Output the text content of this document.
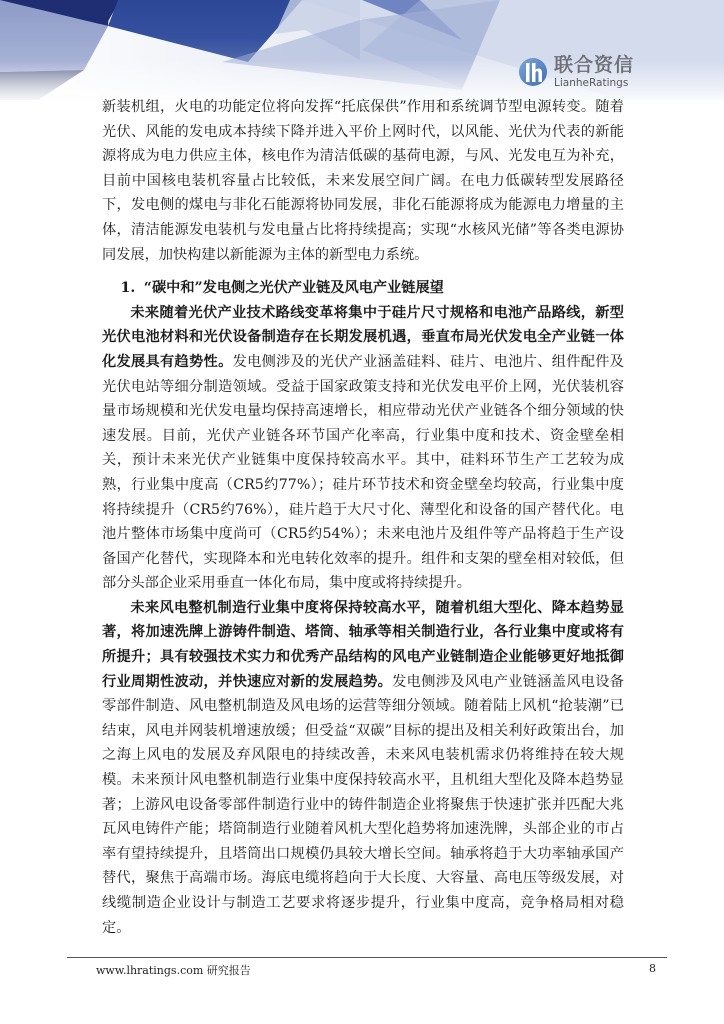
联合资信
LianheRatings

新装机组，火电的功能定位将向发挥“托底保供”作用和系统调节型电源转变。随着光伏、风能的发电成本持续下降并进入平价上网时代，以风能、光伏为代表的新能源将成为电力供应主体，核电作为清洁低碳的基荷电源，与风、光发电互为补充，目前中国核电装机容量占比较低，未来发展空间广阔。在电力低碳转型发展路径下，发电侧的煤电与非化石能源将协同发展，非化石能源将成为能源电力增量的主体，清洁能源发电装机与发电量占比将持续提高；实现“水核风光储”等各类电源协同发展，加快构建以新能源为主体的新型电力系统。

1. “碳中和”发电侧之光伏产业链及风电产业链展望

未来随着光伏产业技术路线变革将集中于硅片尺寸规格和电池产品路线，新型光伏电池材料和光伏设备制造存在长期发展机遇，垂直布局光伏发电全产业链一体化发展具有趋势性。发电侧涉及的光伏产业涵盖硅料、硅片、电池片、组件配件及光伏电站等细分制造领域。受益于国家政策支持和光伏发电平价上网，光伏装机容量市场规模和光伏发电量均保持高速增长，相应带动光伏产业链各个细分领域的快速发展。目前，光伏产业链各环节国产化率高，行业集中度和技术、资金壁垒相关，预计未来光伏产业链集中度保持较高水平。其中，硅料环节生产工艺较为成熟，行业集中度高（CR5约77%）；硅片环节技术和资金壁垒均较高，行业集中度将持续提升（CR5约76%），硅片趋于大尺寸化、薄型化和设备的国产替代化。电池片整体市场集中度尚可（CR5约54%）；未来电池片及组件等产品将趋于生产设备国产化替代，实现降本和光电转化效率的提升。组件和支架的壁垒相对较低，但部分头部企业采用垂直一体化布局，集中度或将持续提升。

未来风电整机制造行业集中度将保持较高水平，随着机组大型化、降本趋势显著，将加速洗牌上游铸件制造、塔筒、轴承等相关制造行业，各行业集中度或将有所提升；具有较强技术实力和优秀产品结构的风电产业链制造企业能够更好地抵御行业周期性波动，并快速应对新的发展趋势。发电侧涉及风电产业链涵盖风电设备零部件制造、风电整机制造及风电场的运营等细分领域。随着陆上风机“抢装潮”已结束，风电并网装机增速放缓；但受益“双碳”目标的提出及相关利好政策出台，加之海上风电的发展及弃风限电的持续改善，未来风电装机需求仍将维持在较大规模。未来预计风电整机制造行业集中度保持较高水平，且机组大型化及降本趋势显著；上游风电设备零部件制造行业中的铸件制造企业将聚焦于快速扩张并匹配大兆瓦风电铸件产能；塔筒制造行业随着风机大型化趋势将加速洗牌，头部企业的市占率有望持续提升，且塔筒出口规模仍具较大增长空间。轴承将趋于大功率轴承国产替代，聚焦于高端市场。海底电缆将趋向于大长度、大容量、高电压等级发展，对线缆制造企业设计与制造工艺要求将逐步提升，行业集中度高，竞争格局相对稳定。

www.lhratings.com 研究报告	8
